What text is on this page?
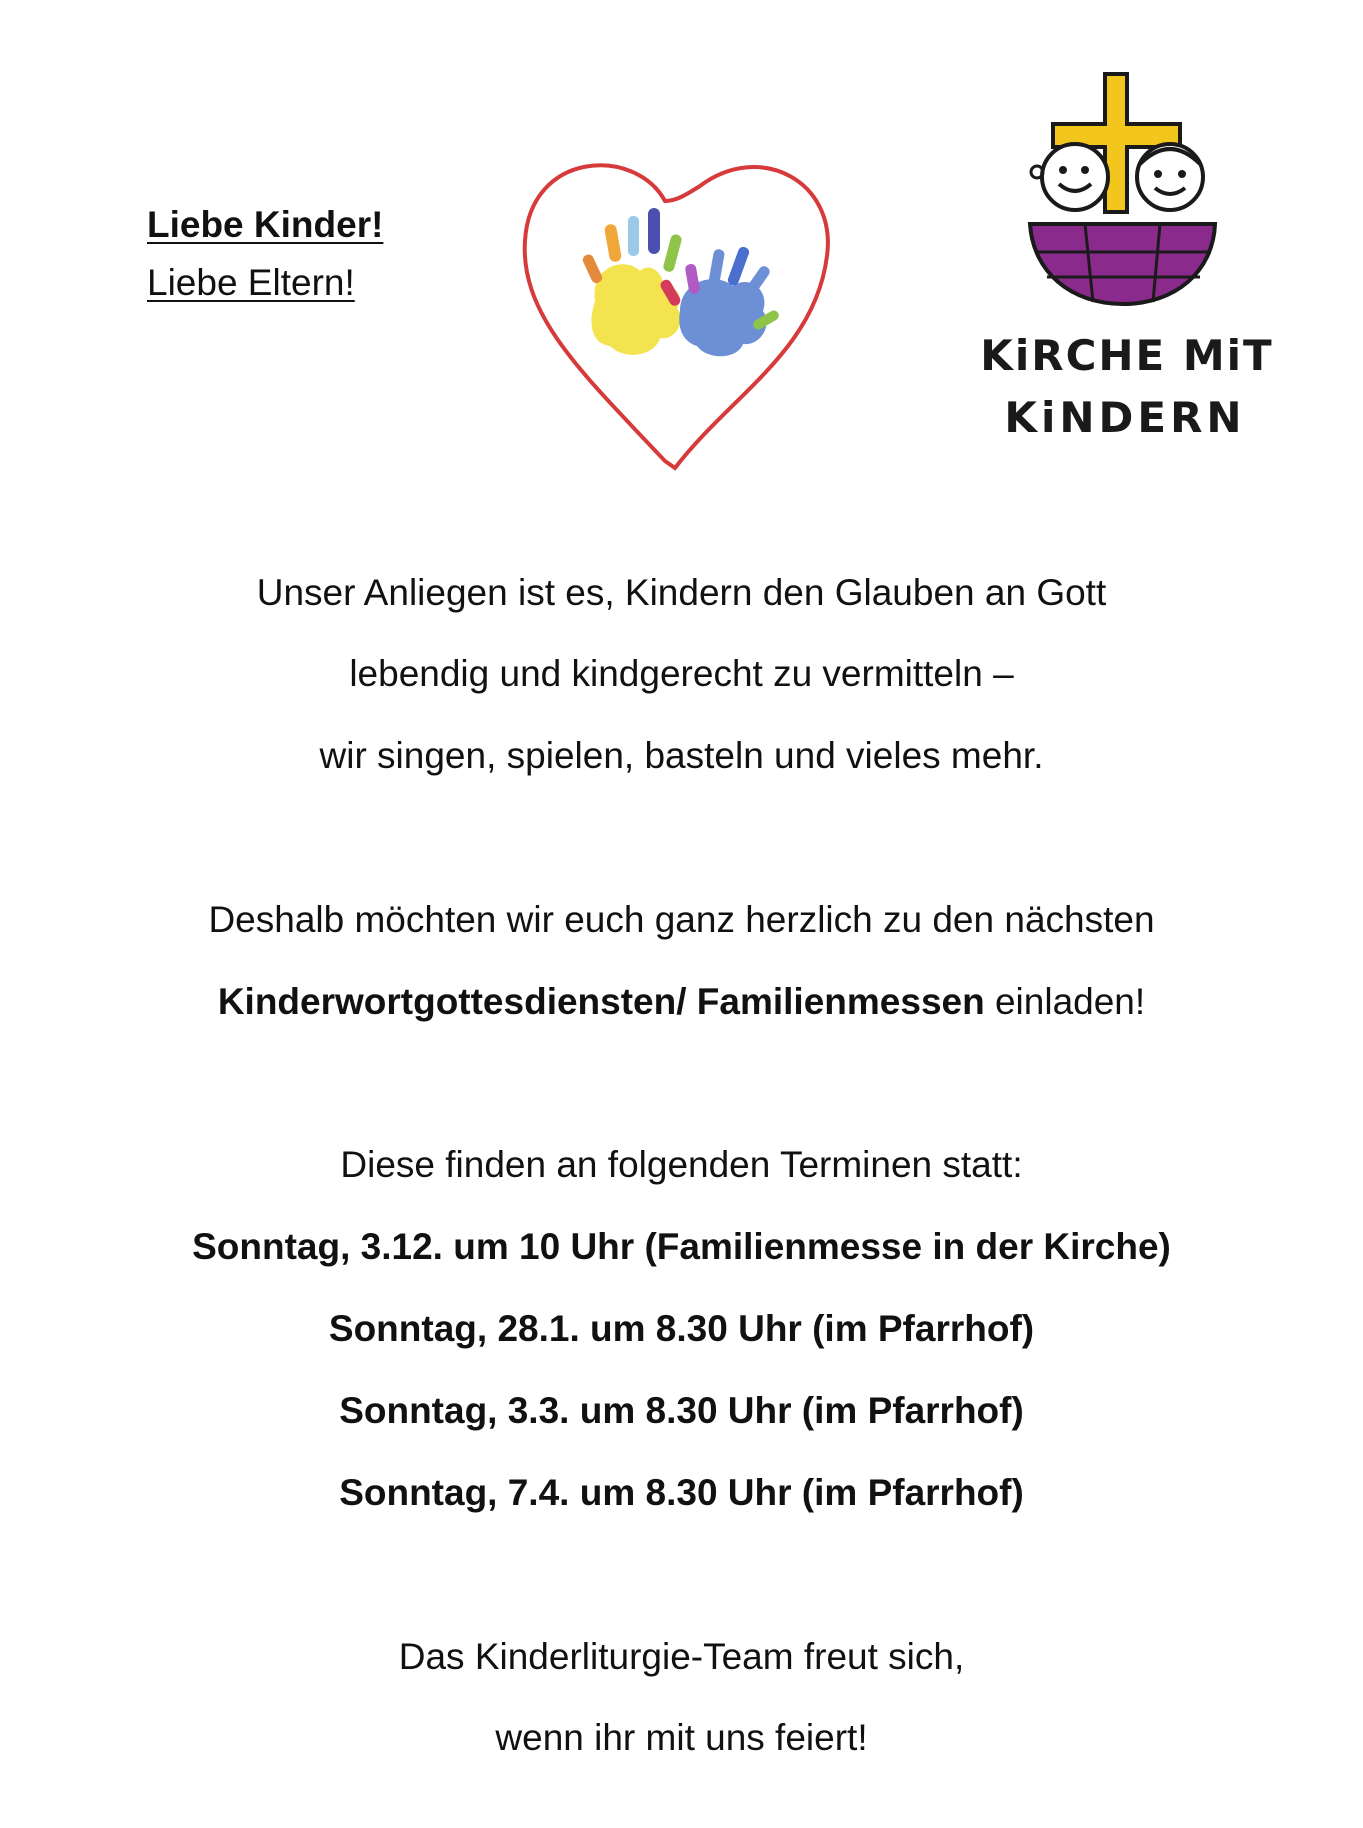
Liebe Kinder!
Liebe Eltern!
KiRCHE MiT
KiNDERN
Unser Anliegen ist es, Kindern den Glauben an Gott
lebendig und kindgerecht zu vermitteln –
wir singen, spielen, basteln und vieles mehr.
Deshalb möchten wir euch ganz herzlich zu den nächsten
Kinderwortgottesdiensten/ Familienmessen einladen!
Diese finden an folgenden Terminen statt:
Sonntag, 3.12. um 10 Uhr (Familienmesse in der Kirche)
Sonntag, 28.1. um 8.30 Uhr (im Pfarrhof)
Sonntag, 3.3. um 8.30 Uhr (im Pfarrhof)
Sonntag, 7.4. um 8.30 Uhr (im Pfarrhof)
Das Kinderliturgie-Team freut sich,
wenn ihr mit uns feiert!
